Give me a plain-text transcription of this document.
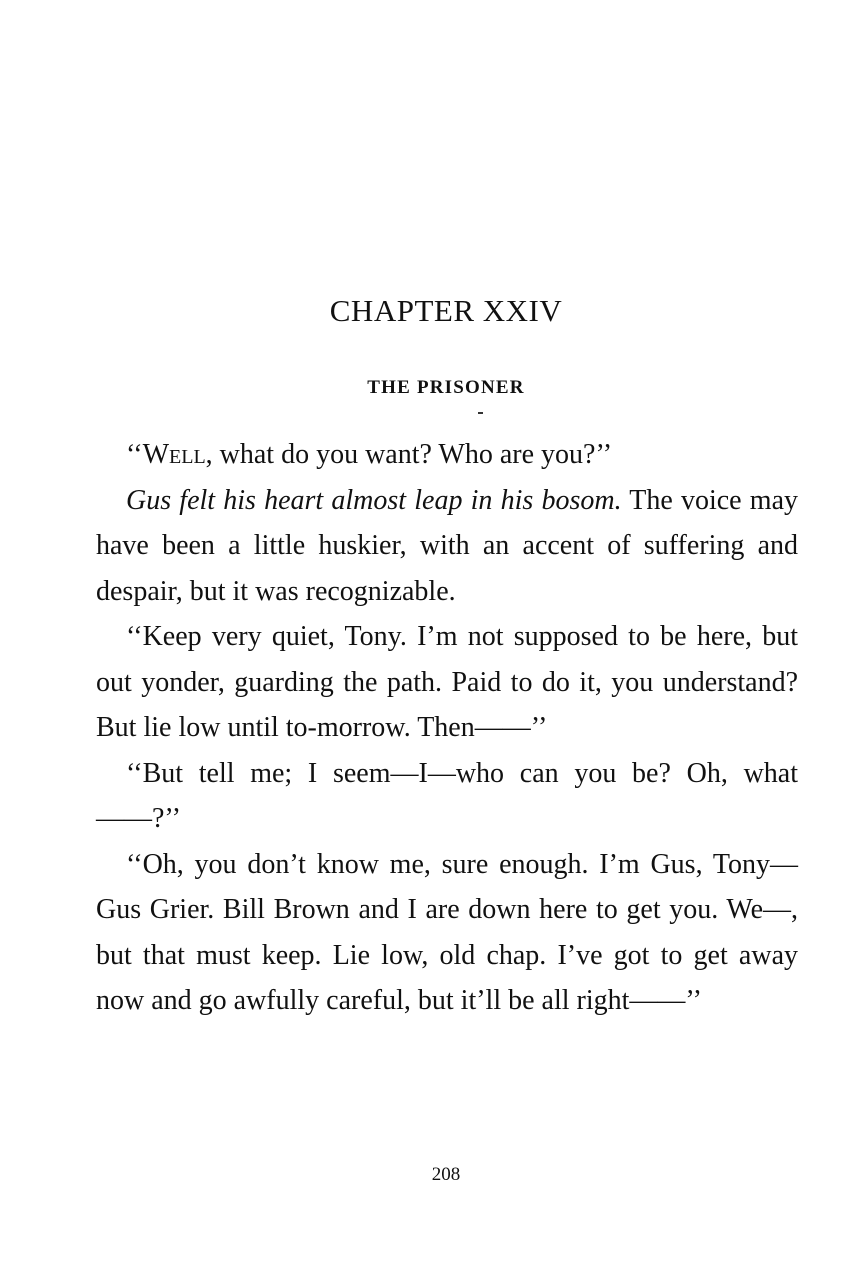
CHAPTER XXIV
THE PRISONER

‘‘Well, what do you want? Who are you?’’

Gus felt his heart almost leap in his bosom. The voice may have been a little huskier, with an accent of suffering and despair, but it was recognizable.

‘‘Keep very quiet, Tony. I’m not supposed to be here, but out yonder, guarding the path. Paid to do it, you understand? But lie low until to-morrow. Then——’’

‘‘But tell me; I seem—I—who can you be? Oh, what——?’’

‘‘Oh, you don’t know me, sure enough. I’m Gus, Tony—Gus Grier. Bill Brown and I are down here to get you. We—, but that must keep. Lie low, old chap. I’ve got to get away now and go awfully careful, but it’ll be all right——’’

208
